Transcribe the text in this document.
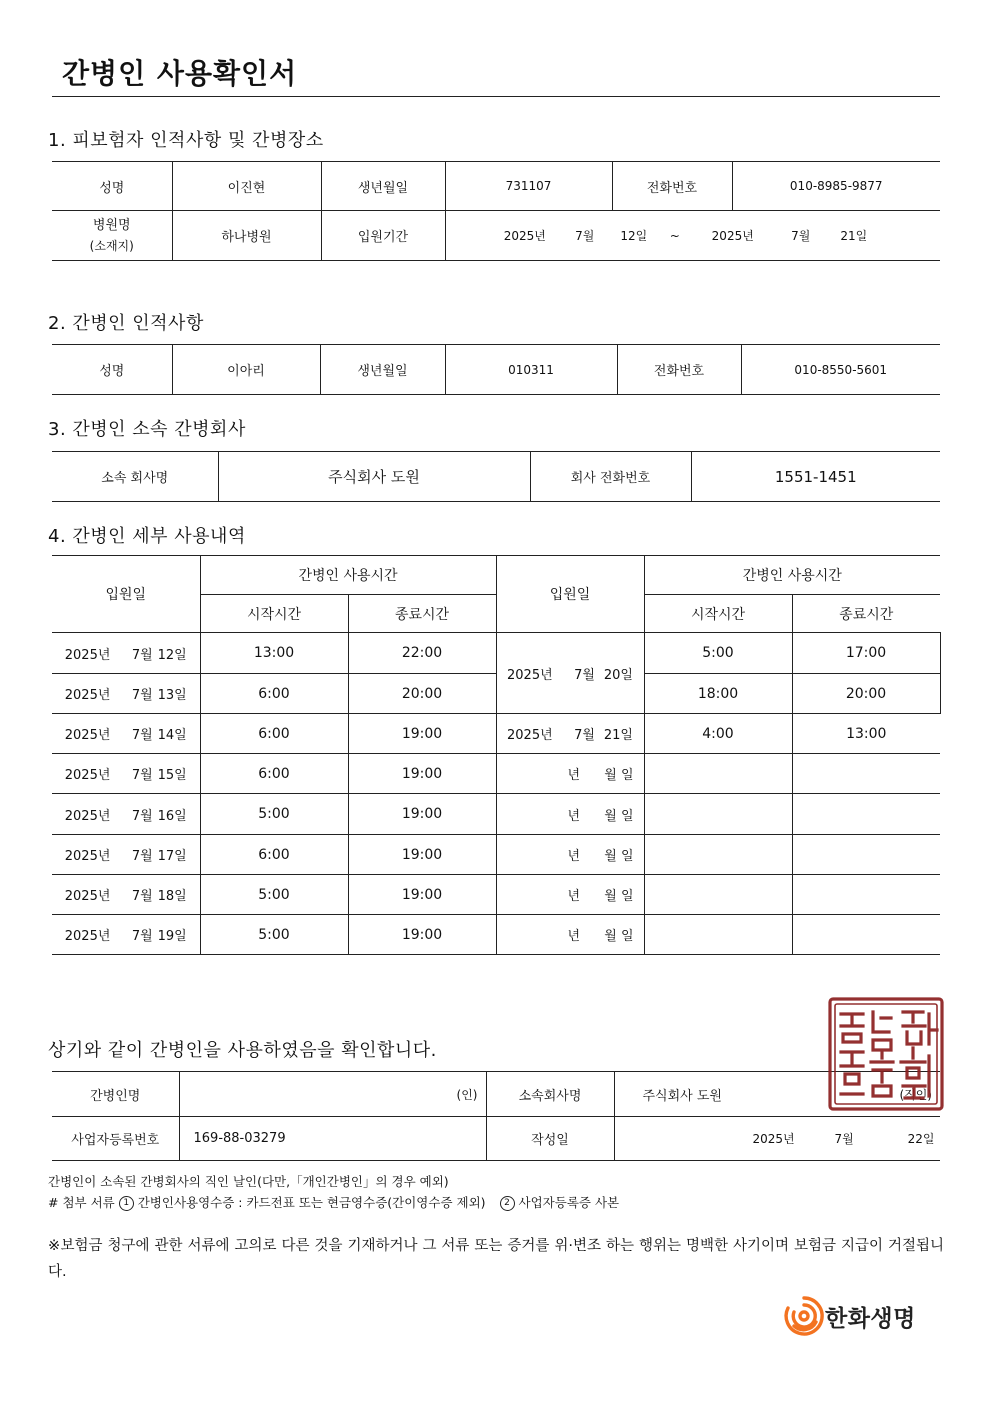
간병인 사용확인서
1. 피보험자 인적사항 및 간병장소
성명	이진현	생년월일	731107	전화번호	010-8985-9877

병원명
(소재지)	하나병원	입원기간	2025년 7월 12일 ~ 2025년 7월 21일		
2. 간병인 인적사항
성명	이아리	생년월일	010311	전화번호	010-8550-5601
3. 간병인 소속 간병회사
소속 회사명	주식회사 도원	회사 전화번호	1551-1451
4. 간병인 세부 사용내역
입원일	간병인 사용시간		입원일	간병인 사용시간	
	시작시간	종료시간		시작시간	종료시간
2025년 7월 12일	13:00	22:00	2025년 7월 20일	5:00	17:00
2025년 7월 13일	6:00	20:00		18:00	20:00
2025년 7월 14일	6:00	19:00	2025년 7월 21일	4:00	13:00
2025년 7월 15일	6:00	19:00	년 월 일		
2025년 7월 16일	5:00	19:00	년 월 일		
2025년 7월 17일	6:00	19:00	년 월 일		
2025년 7월 18일	5:00	19:00	년 월 일		
2025년 7월 19일	5:00	19:00	년 월 일		
상기와 같이 간병인을 사용하였음을 확인합니다.
간병인명	(인)	소속회사명	주식회사 도원 (직인)

사업자등록번호	169-88-03279	작성일	2025년 7월 22일
간병인이 소속된 간병회사의 직인 날인(다만,「개인간병인」의 경우 예외)
# 첨부 서류 1 간병인사용영수증 : 카드전표 또는 현금영수증(간이영수증 제외) 2 사업자등록증 사본
※보험금 청구에 관한 서류에 고의로 다른 것을 기재하거나 그 서류 또는 증거를 위·변조 하는 행위는 명백한 사기이며 보험금 지급이 거절됩니다.
한화생명
